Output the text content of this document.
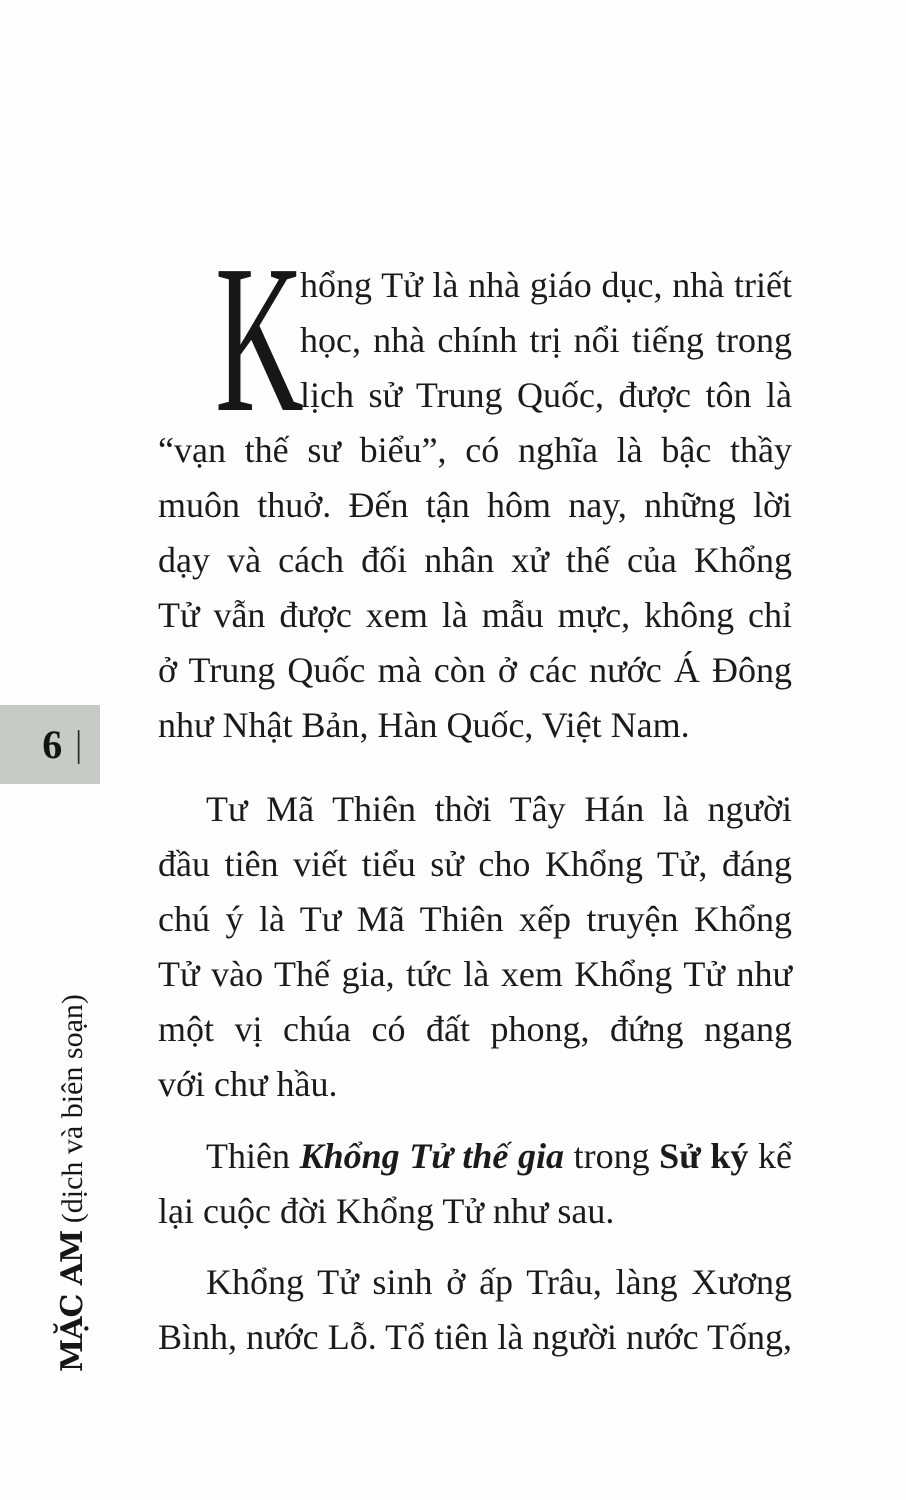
6 |
MẶC AM (dịch và biên soạn)
K
hổng Tử là nhà giáo dục, nhà triết
học, nhà chính trị nổi tiếng trong
lịch sử Trung Quốc, được tôn là
“vạn thế sư biểu”, có nghĩa là bậc thầy
muôn thuở. Đến tận hôm nay, những lời
dạy và cách đối nhân xử thế của Khổng
Tử vẫn được xem là mẫu mực, không chỉ
ở Trung Quốc mà còn ở các nước Á Đông
như Nhật Bản, Hàn Quốc, Việt Nam.
Tư Mã Thiên thời Tây Hán là người
đầu tiên viết tiểu sử cho Khổng Tử, đáng
chú ý là Tư Mã Thiên xếp truyện Khổng
Tử vào Thế gia, tức là xem Khổng Tử như
một vị chúa có đất phong, đứng ngang
với chư hầu.
Thiên Khổng Tử thế gia trong Sử ký kể
lại cuộc đời Khổng Tử như sau.
Khổng Tử sinh ở ấp Trâu, làng Xương
Bình, nước Lỗ. Tổ tiên là người nước Tống,
